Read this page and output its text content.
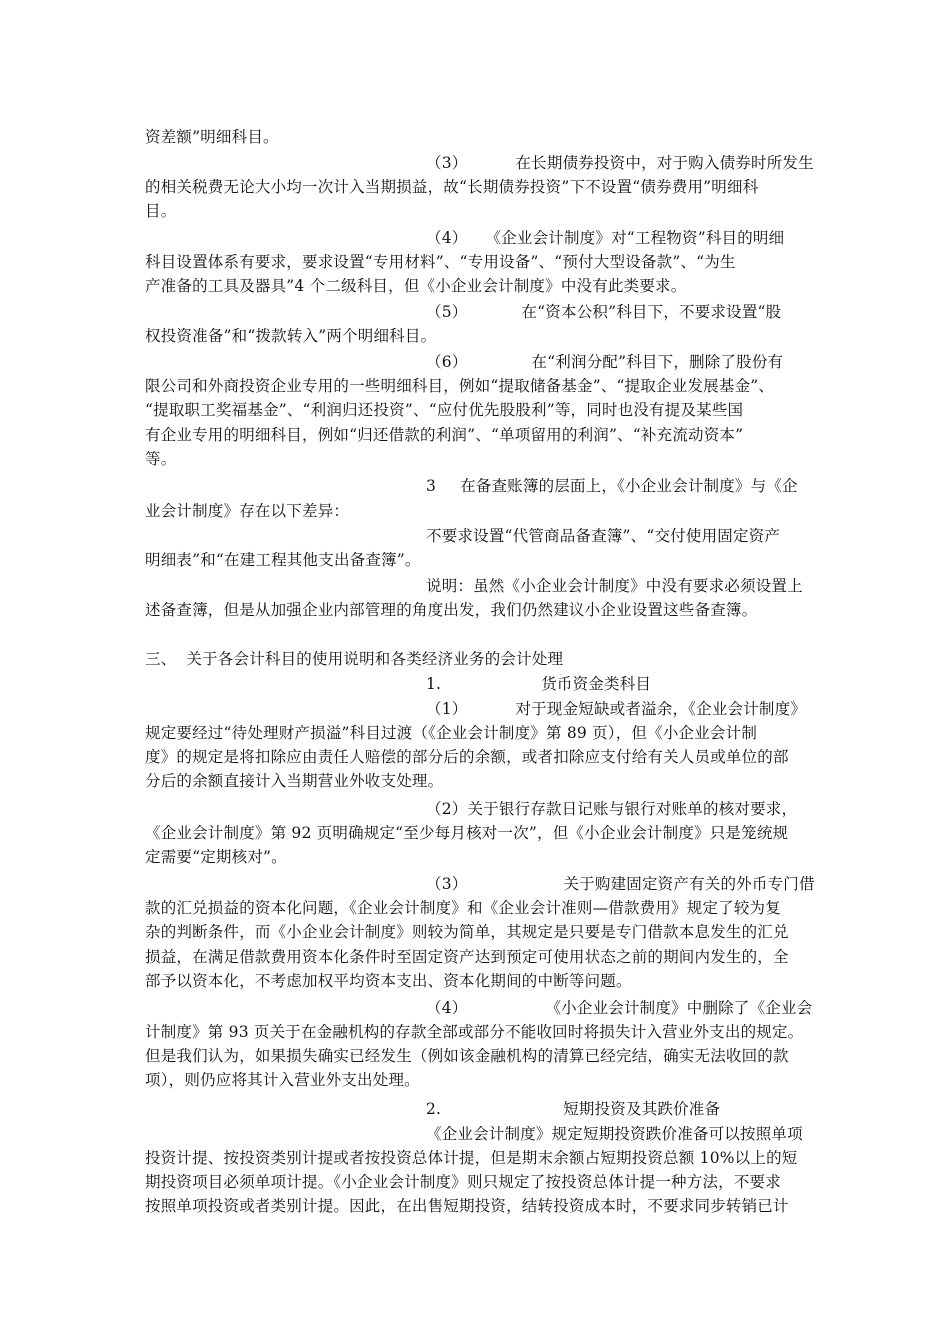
资差额”明细科目。
（3）	在长期债券投资中，对于购入债券时所发生
的相关税费无论大小均一次计入当期损益，故“长期债券投资”下不设置“债券费用”明细科
目。
（4） 《企业会计制度》对“工程物资”科目的明细
科目设置体系有要求，要求设置“专用材料”、“专用设备”、“预付大型设备款”、“为生
产准备的工具及器具”4 个二级科目，但《小企业会计制度》中没有此类要求。
（5）	在“资本公积”科目下，不要求设置“股
权投资准备”和“拨款转入”两个明细科目。
（6）	在“利润分配”科目下，删除了股份有
限公司和外商投资企业专用的一些明细科目，例如“提取储备基金”、“提取企业发展基金”、
“提取职工奖福基金”、“利润归还投资”、“应付优先股股利”等，同时也没有提及某些国
有企业专用的明细科目，例如“归还借款的利润”、“单项留用的利润”、“补充流动资本”
等。
3 在备查账簿的层面上，《小企业会计制度》与《企
业会计制度》存在以下差异：
不要求设置“代管商品备查簿”、“交付使用固定资产
明细表”和“在建工程其他支出备查簿”。
说明：虽然《小企业会计制度》中没有要求必须设置上
述备查簿，但是从加强企业内部管理的角度出发，我们仍然建议小企业设置这些备查簿。
三、 关于各会计科目的使用说明和各类经济业务的会计处理
1.	货币资金类科目
（1）	对于现金短缺或者溢余，《企业会计制度》
规定要经过“待处理财产损溢”科目过渡（《企业会计制度》第 89 页），但《小企业会计制
度》的规定是将扣除应由责任人赔偿的部分后的余额，或者扣除应支付给有关人员或单位的部
分后的余额直接计入当期营业外收支处理。
（2）关于银行存款日记账与银行对账单的核对要求，
《企业会计制度》第 92 页明确规定“至少每月核对一次”，但《小企业会计制度》只是笼统规
定需要“定期核对”。
（3）	关于购建固定资产有关的外币专门借
款的汇兑损益的资本化问题，《企业会计制度》和《企业会计准则—借款费用》规定了较为复
杂的判断条件，而《小企业会计制度》则较为简单，其规定是只要是专门借款本息发生的汇兑
损益，在满足借款费用资本化条件时至固定资产达到预定可使用状态之前的期间内发生的，全
部予以资本化，不考虑加权平均资本支出、资本化期间的中断等问题。
（4）	《小企业会计制度》中删除了《企业会
计制度》第 93 页关于在金融机构的存款全部或部分不能收回时将损失计入营业外支出的规定。
但是我们认为，如果损失确实已经发生（例如该金融机构的清算已经完结，确实无法收回的款
项），则仍应将其计入营业外支出处理。
2.	短期投资及其跌价准备
《企业会计制度》规定短期投资跌价准备可以按照单项
投资计提、按投资类别计提或者按投资总体计提，但是期末余额占短期投资总额 10%以上的短
期投资项目必须单项计提。《小企业会计制度》则只规定了按投资总体计提一种方法，不要求
按照单项投资或者类别计提。因此，在出售短期投资，结转投资成本时，不要求同步转销已计
